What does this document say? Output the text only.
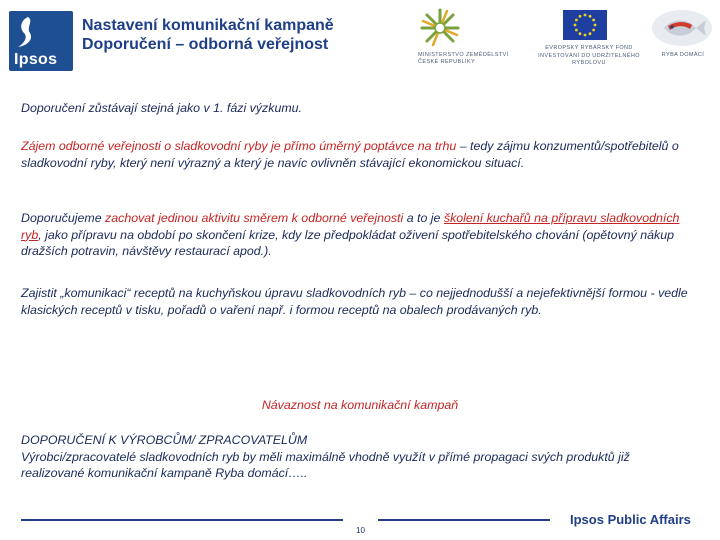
Ipsos
Nastavení komunikační kampaně
Doporučení – odborná veřejnost
MINISTERSTVO ZEMĚDĚLSTVÍ
ČESKÉ REPUBLIKY
EVROPSKÝ RYBÁŘSKÝ FOND
INVESTOVÁNÍ DO UDRŽITELNÉHO
RYBOLOVU
RYBA DOMÁCÍ
Doporučení zůstávají stejná jako v 1. fázi výzkumu.
Zájem odborné veřejnosti o sladkovodní ryby je přímo úměrný poptávce na trhu – tedy zájmu konzumentů/spotřebitelů o sladkovodní ryby, který není výrazný a který je navíc ovlivněn stávající ekonomickou situací.
Doporučujeme zachovat jedinou aktivitu směrem k odborné veřejnosti a to je školení kuchařů na přípravu sladkovodních ryb, jako přípravu na období po skončení krize, kdy lze předpokládat oživení spotřebitelského chování (opětovný nákup dražších potravin, návštěvy restaurací apod.).
Zajistit „komunikaci“ receptů na kuchyňskou úpravu sladkovodních ryb – co nejjednodušší a nejefektivnější formou - vedle klasických receptů v tisku, pořadů o vaření např. i formou receptů na obalech prodávaných ryb.
Návaznost na komunikační kampaň
DOPORUČENÍ K VÝROBCŮM/ ZPRACOVATELŮM
Výrobci/zpracovatelé sladkovodních ryb by měli maximálně vhodně využít v přímé propagaci svých produktů již realizované komunikační kampaně Ryba domácí…..
10
Ipsos Public Affairs
